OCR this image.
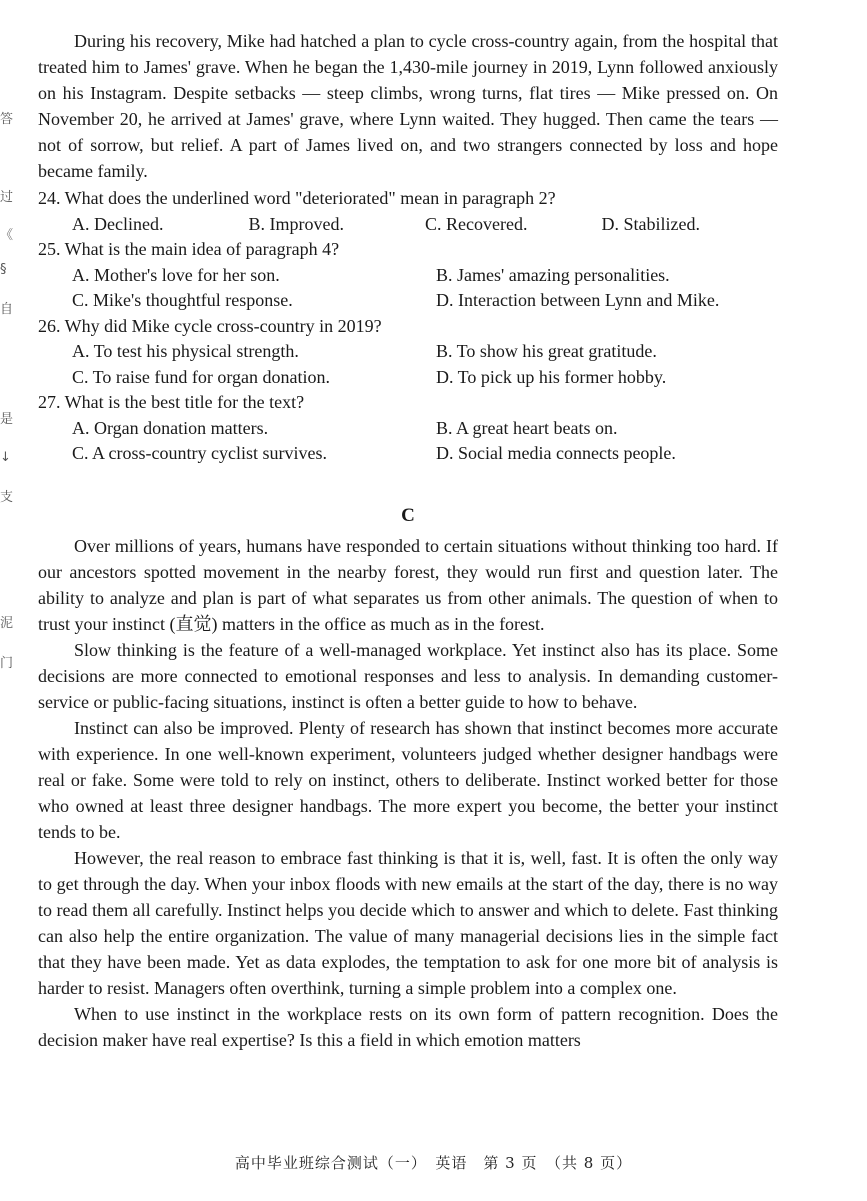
During his recovery, Mike had hatched a plan to cycle cross-country again, from the hospital that treated him to James' grave. When he began the 1,430-mile journey in 2019, Lynn followed anxiously on his Instagram. Despite setbacks — steep climbs, wrong turns, flat tires — Mike pressed on. On November 20, he arrived at James' grave, where Lynn waited. They hugged. Then came the tears — not of sorrow, but relief. A part of James lived on, and two strangers connected by loss and hope became family.

24. What does the underlined word "deteriorated" mean in paragraph 2?

A. Declined.	B. Improved.	C. Recovered.	D. Stabilized.

25. What is the main idea of paragraph 4?

A. Mother's love for her son.	B. James' amazing personalities.
C. Mike's thoughtful response.	D. Interaction between Lynn and Mike.

26. Why did Mike cycle cross-country in 2019?

A. To test his physical strength.	B. To show his great gratitude.
C. To raise fund for organ donation.	D. To pick up his former hobby.

27. What is the best title for the text?

A. Organ donation matters.	B. A great heart beats on.
C. A cross-country cyclist survives.	D. Social media connects people.
C

Over millions of years, humans have responded to certain situations without thinking too hard. If our ancestors spotted movement in the nearby forest, they would run first and question later. The ability to analyze and plan is part of what separates us from other animals. The question of when to trust your instinct (直觉) matters in the office as much as in the forest.

Slow thinking is the feature of a well-managed workplace. Yet instinct also has its place. Some decisions are more connected to emotional responses and less to analysis. In demanding customer-service or public-facing situations, instinct is often a better guide to how to behave.

Instinct can also be improved. Plenty of research has shown that instinct becomes more accurate with experience. In one well-known experiment, volunteers judged whether designer handbags were real or fake. Some were told to rely on instinct, others to deliberate. Instinct worked better for those who owned at least three designer handbags. The more expert you become, the better your instinct tends to be.

However, the real reason to embrace fast thinking is that it is, well, fast. It is often the only way to get through the day. When your inbox floods with new emails at the start of the day, there is no way to read them all carefully. Instinct helps you decide which to answer and which to delete. Fast thinking can also help the entire organization. The value of many managerial decisions lies in the simple fact that they have been made. Yet as data explodes, the temptation to ask for one more bit of analysis is harder to resist. Managers often overthink, turning a simple problem into a complex one.

When to use instinct in the workplace rests on its own form of pattern recognition. Does the decision maker have real expertise? Is this a field in which emotion matters

答
过
《
§
自
是
↓
支
泥
门
高中毕业班综合测试（一）　英语　第 3 页　（共 8 页）
